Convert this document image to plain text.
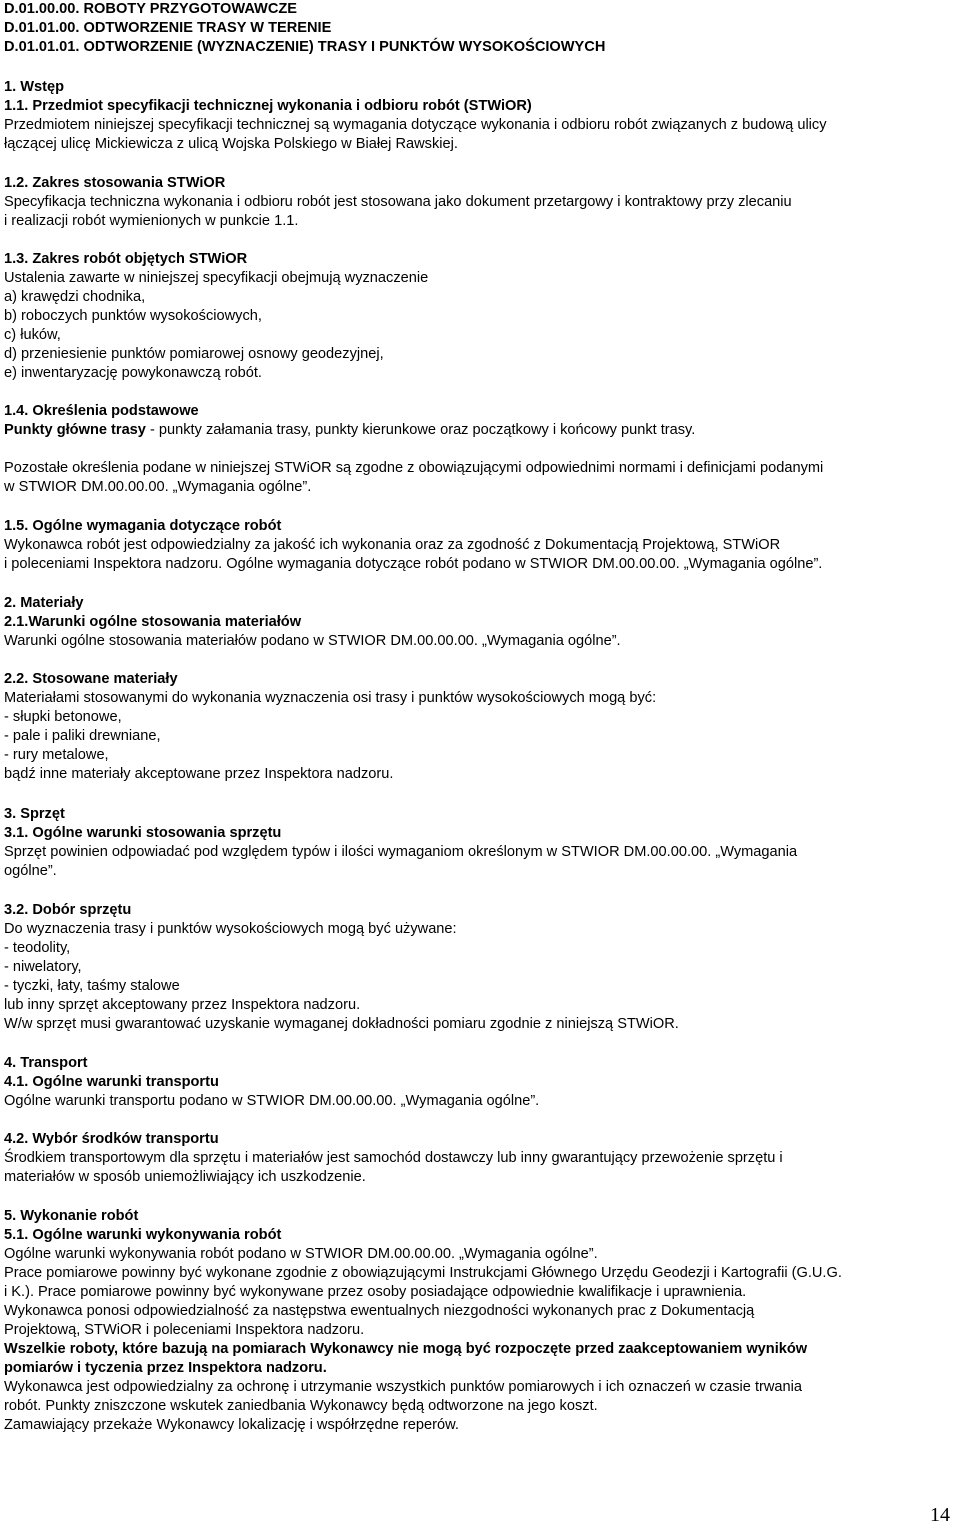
D.01.00.00. ROBOTY PRZYGOTOWAWCZE
D.01.01.00. ODTWORZENIE TRASY W TERENIE
D.01.01.01. ODTWORZENIE (WYZNACZENIE) TRASY I PUNKTÓW WYSOKOŚCIOWYCH
1. Wstęp
1.1. Przedmiot specyfikacji technicznej wykonania i odbioru robót (STWiOR)
Przedmiotem niniejszej specyfikacji technicznej są wymagania dotyczące wykonania i odbioru robót związanych z budową ulicy
łączącej ulicę Mickiewicza z ulicą Wojska Polskiego w Białej Rawskiej.
1.2. Zakres stosowania STWiOR
Specyfikacja techniczna wykonania i odbioru robót jest stosowana jako dokument przetargowy i kontraktowy przy zlecaniu
i realizacji robót wymienionych w punkcie 1.1.
1.3. Zakres robót objętych STWiOR
Ustalenia zawarte w niniejszej specyfikacji obejmują wyznaczenie
a) krawędzi chodnika,
b) roboczych punktów wysokościowych,
c) łuków,
d) przeniesienie punktów pomiarowej osnowy geodezyjnej,
e) inwentaryzację powykonawczą robót.
1.4. Określenia podstawowe
Punkty główne trasy - punkty załamania trasy, punkty kierunkowe oraz początkowy i końcowy punkt trasy.
Pozostałe określenia podane w niniejszej STWiOR są zgodne z obowiązującymi odpowiednimi normami i definicjami podanymi
w STWIOR DM.00.00.00. „Wymagania ogólne”.
1.5. Ogólne wymagania dotyczące robót
Wykonawca robót jest odpowiedzialny za jakość ich wykonania oraz za zgodność z Dokumentacją Projektową, STWiOR
i poleceniami Inspektora nadzoru. Ogólne wymagania dotyczące robót podano w STWIOR DM.00.00.00. „Wymagania ogólne”.
2. Materiały
2.1.Warunki ogólne stosowania materiałów
Warunki ogólne stosowania materiałów podano w STWIOR DM.00.00.00. „Wymagania ogólne”.
2.2. Stosowane materiały
Materiałami stosowanymi do wykonania wyznaczenia osi trasy i punktów wysokościowych mogą być:
- słupki betonowe,
- pale i paliki drewniane,
- rury metalowe,
bądź inne materiały akceptowane przez Inspektora nadzoru.
3. Sprzęt
3.1. Ogólne warunki stosowania sprzętu
Sprzęt powinien odpowiadać pod względem typów i ilości wymaganiom określonym w STWIOR DM.00.00.00. „Wymagania
ogólne”.
3.2. Dobór sprzętu
Do wyznaczenia trasy i punktów wysokościowych mogą być używane:
- teodolity,
- niwelatory,
- tyczki, łaty, taśmy stalowe
lub inny sprzęt akceptowany przez Inspektora nadzoru.
W/w sprzęt musi gwarantować uzyskanie wymaganej dokładności pomiaru zgodnie z niniejszą STWiOR.
4. Transport
4.1. Ogólne warunki transportu
Ogólne warunki transportu podano w STWIOR DM.00.00.00. „Wymagania ogólne”.
4.2. Wybór środków transportu
Środkiem transportowym dla sprzętu i materiałów jest samochód dostawczy lub inny gwarantujący przewożenie sprzętu i
materiałów w sposób uniemożliwiający ich uszkodzenie.
5. Wykonanie robót
5.1. Ogólne warunki wykonywania robót
Ogólne warunki wykonywania robót podano w STWIOR DM.00.00.00. „Wymagania ogólne”.
Prace pomiarowe powinny być wykonane zgodnie z obowiązującymi Instrukcjami Głównego Urzędu Geodezji i Kartografii (G.U.G.
i K.). Prace pomiarowe powinny być wykonywane przez osoby posiadające odpowiednie kwalifikacje i uprawnienia.
Wykonawca ponosi odpowiedzialność za następstwa ewentualnych niezgodności wykonanych prac z Dokumentacją
Projektową, STWiOR i poleceniami Inspektora nadzoru.
Wszelkie roboty, które bazują na pomiarach Wykonawcy nie mogą być rozpoczęte przed zaakceptowaniem wyników
pomiarów i tyczenia przez Inspektora nadzoru.
Wykonawca jest odpowiedzialny za ochronę i utrzymanie wszystkich punktów pomiarowych i ich oznaczeń w czasie trwania
robót. Punkty zniszczone wskutek zaniedbania Wykonawcy będą odtworzone na jego koszt.
Zamawiający przekaże Wykonawcy lokalizację i współrzędne reperów.
14
